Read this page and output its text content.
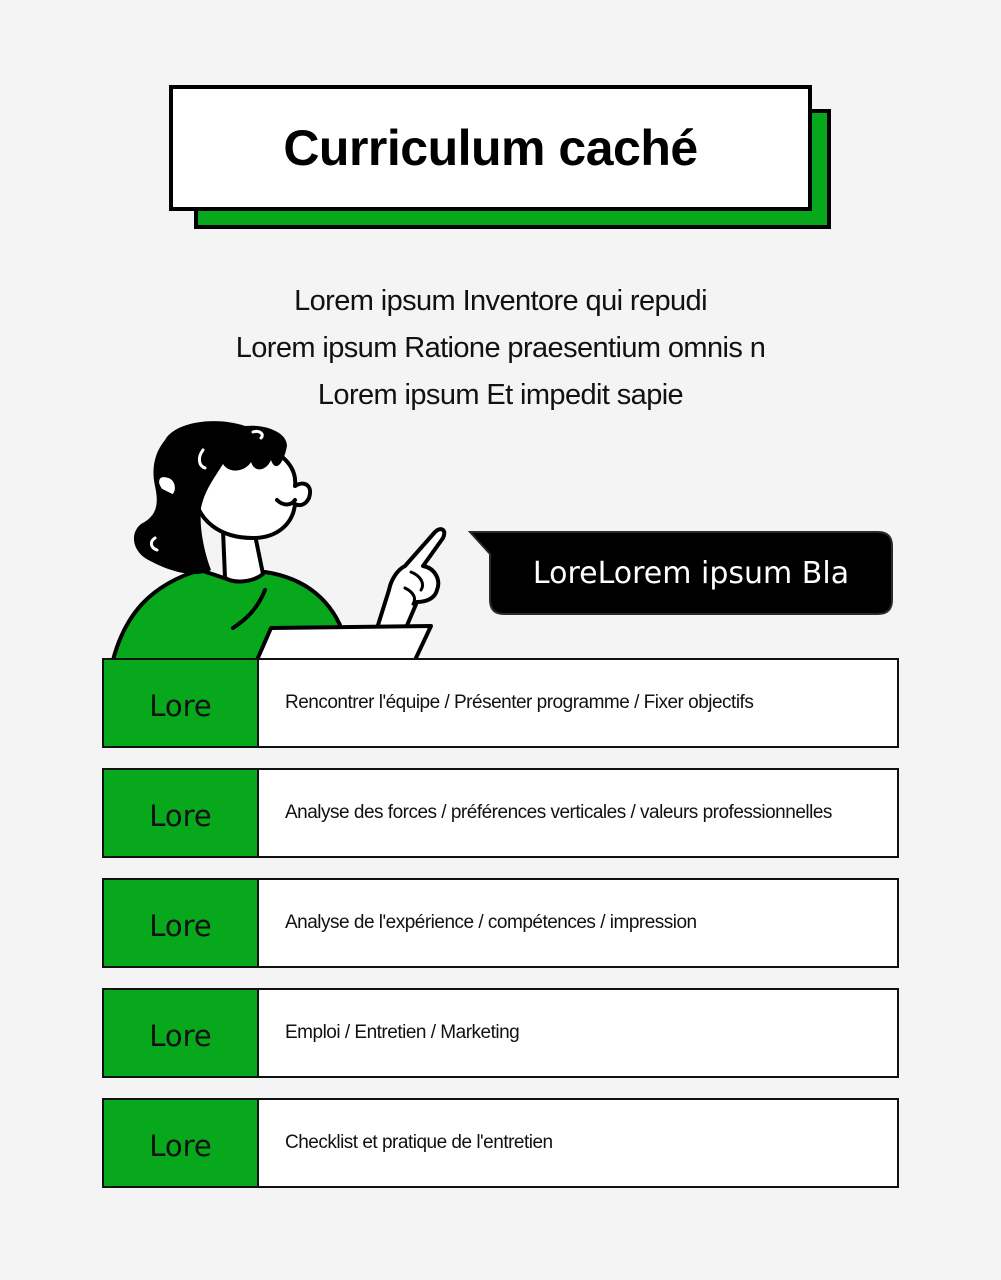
Curriculum caché

Lorem ipsum Inventore qui repudi

Lorem ipsum Ratione praesentium omnis n

Lorem ipsum Et impedit sapie

LoreLorem ipsum Bla
Lore	Rencontrer l'équipe / Présenter programme / Fixer objectifs
Lore	Analyse des forces / préférences verticales / valeurs professionnelles
Lore	Analyse de l'expérience / compétences / impression
Lore	Emploi / Entretien / Marketing
Lore	Checklist et pratique de l'entretien
